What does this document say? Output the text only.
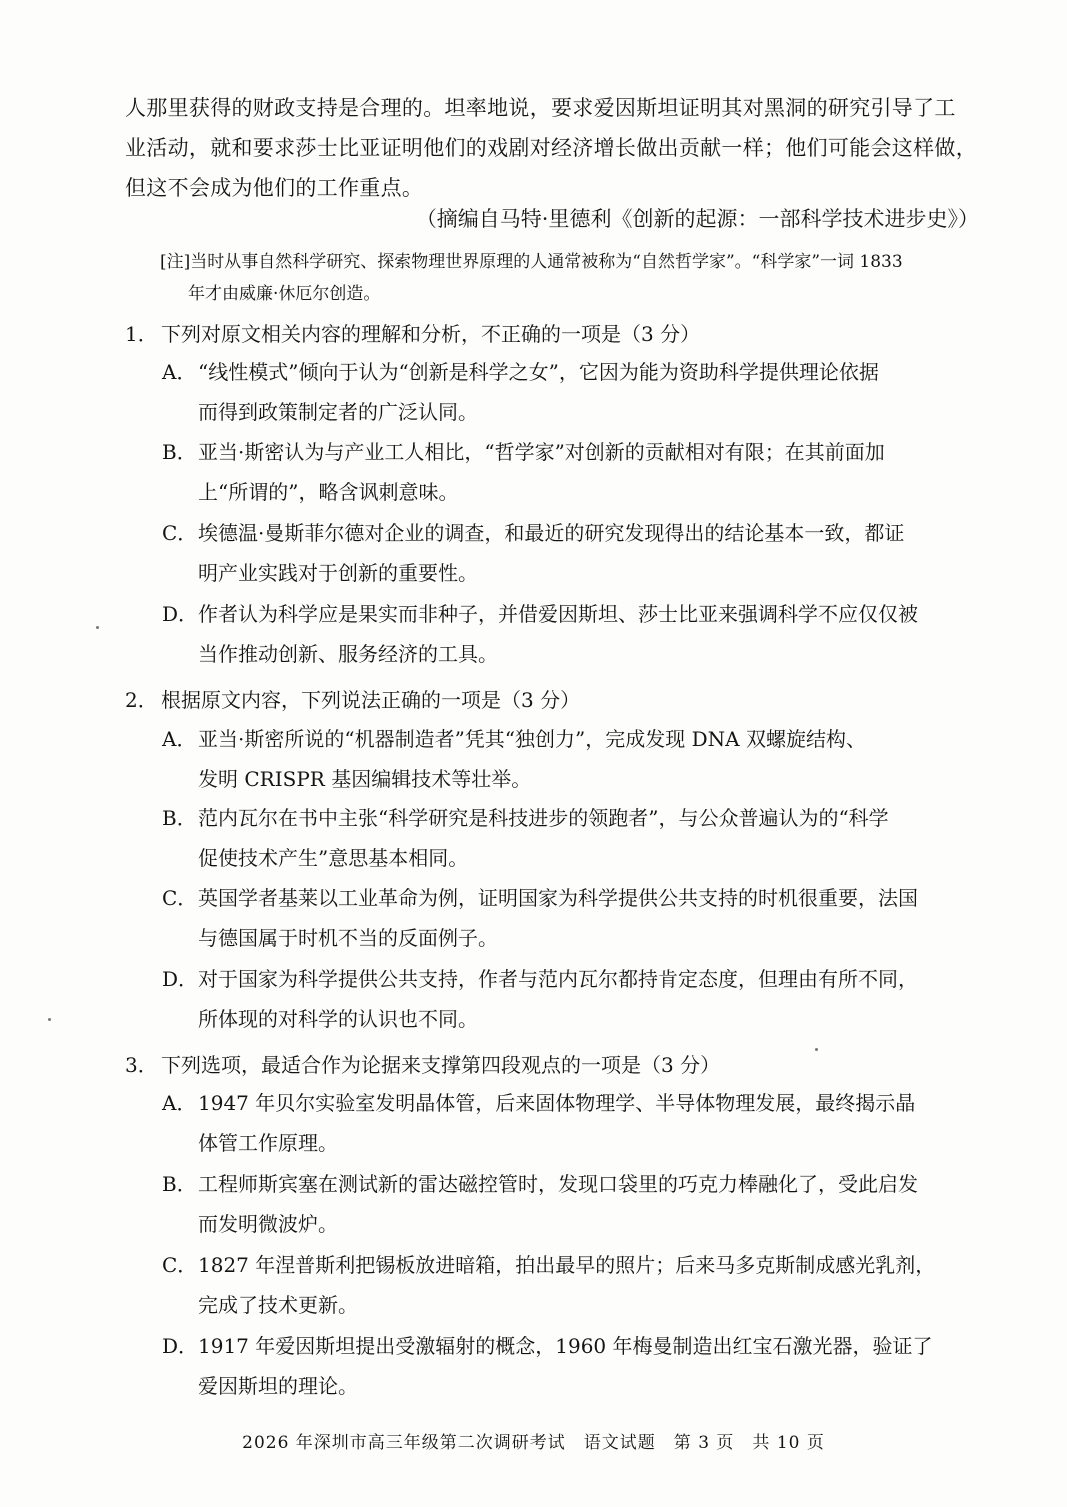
人那里获得的财政支持是合理的。坦率地说，要求爱因斯坦证明其对黑洞的研究引导了工
业活动，就和要求莎士比亚证明他们的戏剧对经济增长做出贡献一样；他们可能会这样做，
但这不会成为他们的工作重点。
（摘编自马特·里德利《创新的起源：一部科学技术进步史》）
[注]当时从事自然科学研究、探索物理世界原理的人通常被称为“自然哲学家”。“科学家”一词 1833
年才由威廉·休厄尔创造。
1． 下列对原文相关内容的理解和分析，不正确的一项是（3 分）
A．“线性模式”倾向于认为“创新是科学之女”，它因为能为资助科学提供理论依据
而得到政策制定者的广泛认同。
B．亚当·斯密认为与产业工人相比，“哲学家”对创新的贡献相对有限；在其前面加
上“所谓的”，略含讽刺意味。
C．埃德温·曼斯菲尔德对企业的调查，和最近的研究发现得出的结论基本一致，都证
明产业实践对于创新的重要性。
D．作者认为科学应是果实而非种子，并借爱因斯坦、莎士比亚来强调科学不应仅仅被
当作推动创新、服务经济的工具。
2． 根据原文内容，下列说法正确的一项是（3 分）
A．亚当·斯密所说的“机器制造者”凭其“独创力”，完成发现 DNA 双螺旋结构、
发明 CRISPR 基因编辑技术等壮举。
B．范内瓦尔在书中主张“科学研究是科技进步的领跑者”，与公众普遍认为的“科学
促使技术产生”意思基本相同。
C．英国学者基莱以工业革命为例，证明国家为科学提供公共支持的时机很重要，法国
与德国属于时机不当的反面例子。
D．对于国家为科学提供公共支持，作者与范内瓦尔都持肯定态度，但理由有所不同，
所体现的对科学的认识也不同。
3． 下列选项，最适合作为论据来支撑第四段观点的一项是（3 分）
A．1947 年贝尔实验室发明晶体管，后来固体物理学、半导体物理发展，最终揭示晶
体管工作原理。
B．工程师斯宾塞在测试新的雷达磁控管时，发现口袋里的巧克力棒融化了，受此启发
而发明微波炉。
C．1827 年涅普斯利把锡板放进暗箱，拍出最早的照片；后来马多克斯制成感光乳剂，
完成了技术更新。
D．1917 年爱因斯坦提出受激辐射的概念，1960 年梅曼制造出红宝石激光器，验证了
爱因斯坦的理论。
2026 年深圳市高三年级第二次调研考试　语文试题　第 3 页　共 10 页
